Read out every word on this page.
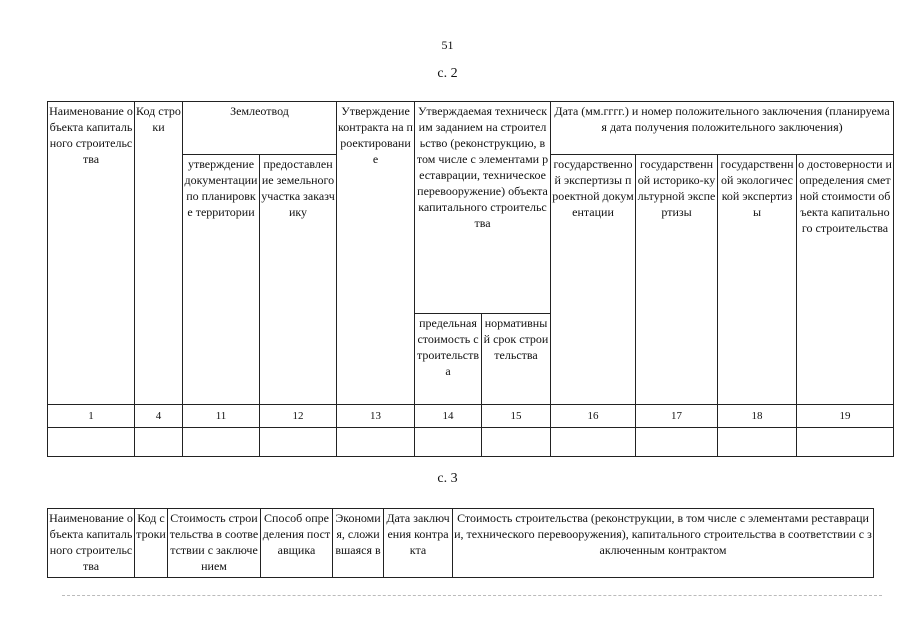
51
с. 2
Наименование объекта капитального строительства	Код строки	Землеотвод		Утверждение контракта на проектирование	Утверждаемая техническим заданием на строительство (реконструкцию, в том числе с элементами реставрации, техническое перевооружение) объекта капитального строительства		Дата (мм.гггг.) и номер положительного заключения (планируемая дата получения положительного заключения)			
		утверждение документации по планировке территории	предоставление земельного участка заказчику				государственной экспертизы проектной документации	государственной историко-культурной экспертизы	государственной экологической экспертизы	о достоверности и определения сметной стоимости объекта капитального строительства
					предельная стоимость строительства	нормативный срок строительства				
1	4	11	12	13	14	15	16	17	18	19

с. 3
Наименование объекта капитального строительства	Код строки	Стоимость строительства в соответствии с заключением	Способ определения поставщика	Экономия, сложившаяся в	Дата заключения контракта	Стоимость строительства (реконструкции, в том числе с элементами реставрации, технического перевооружения), капитального строительства в соответствии с заключенным контрактом
